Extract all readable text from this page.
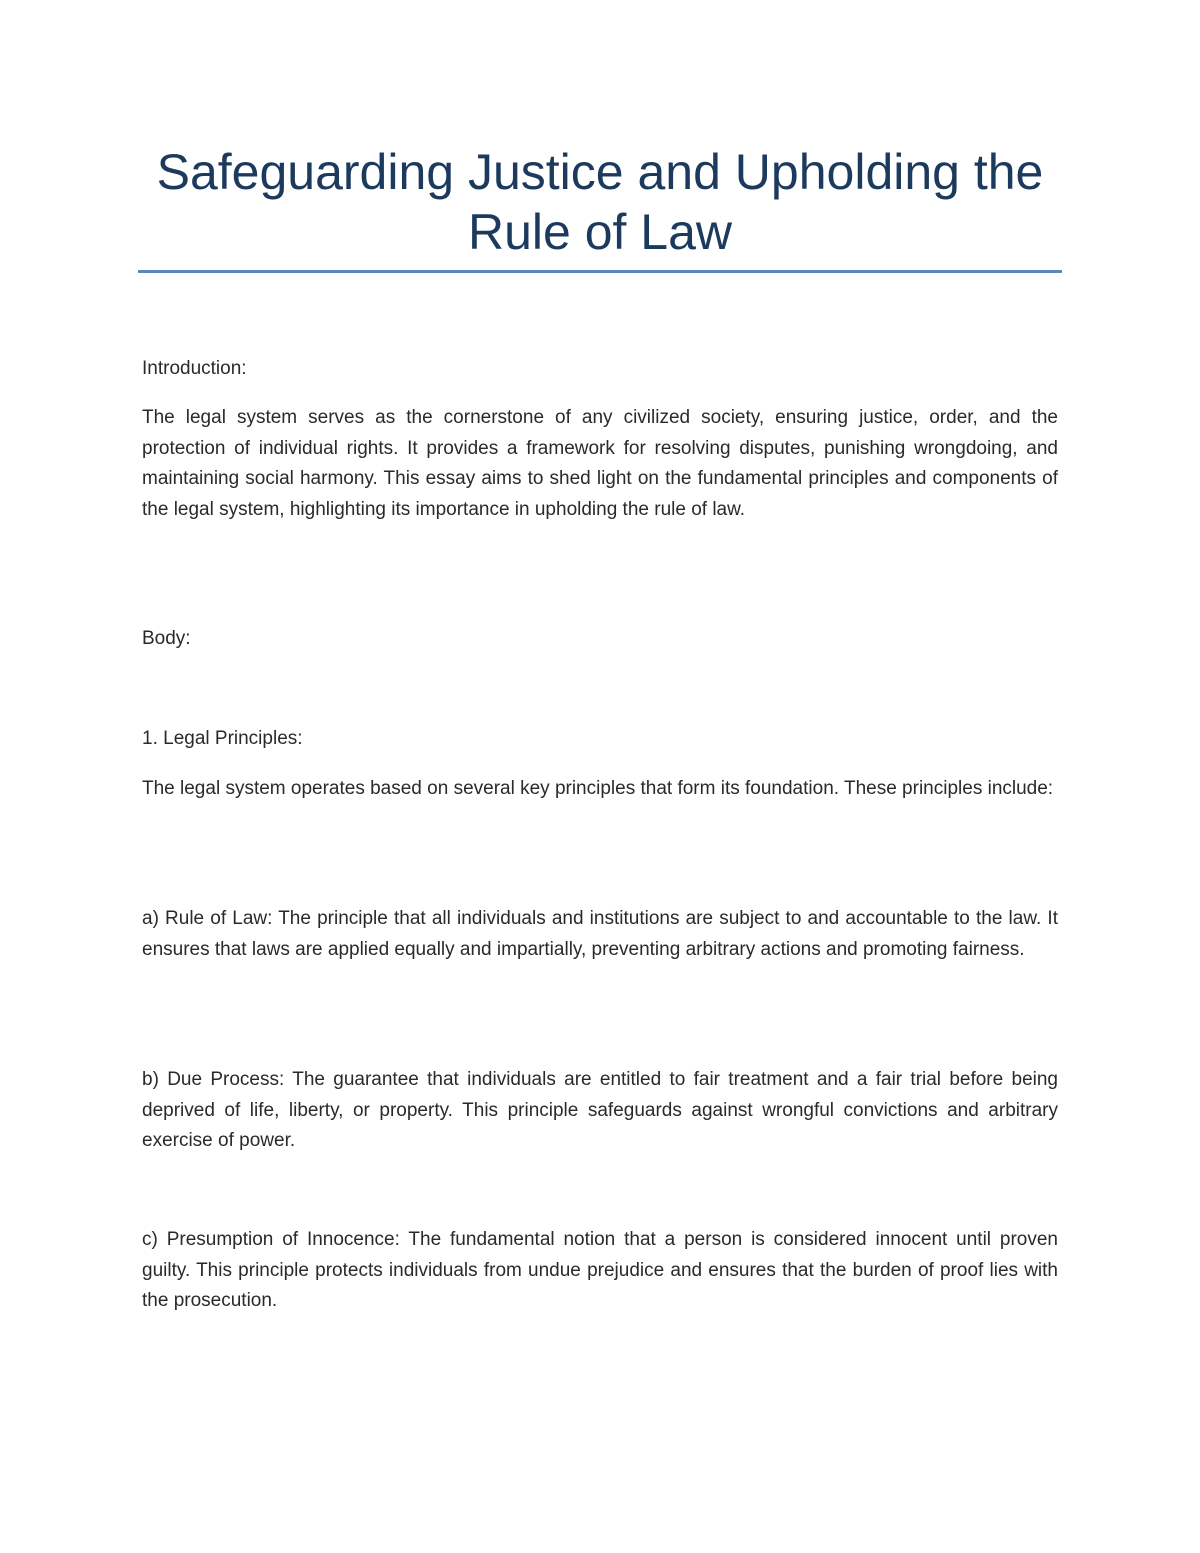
Safeguarding Justice and Upholding the Rule of Law

Introduction:

The legal system serves as the cornerstone of any civilized society, ensuring justice, order, and the protection of individual rights. It provides a framework for resolving disputes, punishing wrongdoing, and maintaining social harmony. This essay aims to shed light on the fundamental principles and components of the legal system, highlighting its importance in upholding the rule of law.

Body:

1. Legal Principles:

The legal system operates based on several key principles that form its foundation. These principles include:

a) Rule of Law: The principle that all individuals and institutions are subject to and accountable to the law. It ensures that laws are applied equally and impartially, preventing arbitrary actions and promoting fairness.

b) Due Process: The guarantee that individuals are entitled to fair treatment and a fair trial before being deprived of life, liberty, or property. This principle safeguards against wrongful convictions and arbitrary exercise of power.

c) Presumption of Innocence: The fundamental notion that a person is considered innocent until proven guilty. This principle protects individuals from undue prejudice and ensures that the burden of proof lies with the prosecution.
